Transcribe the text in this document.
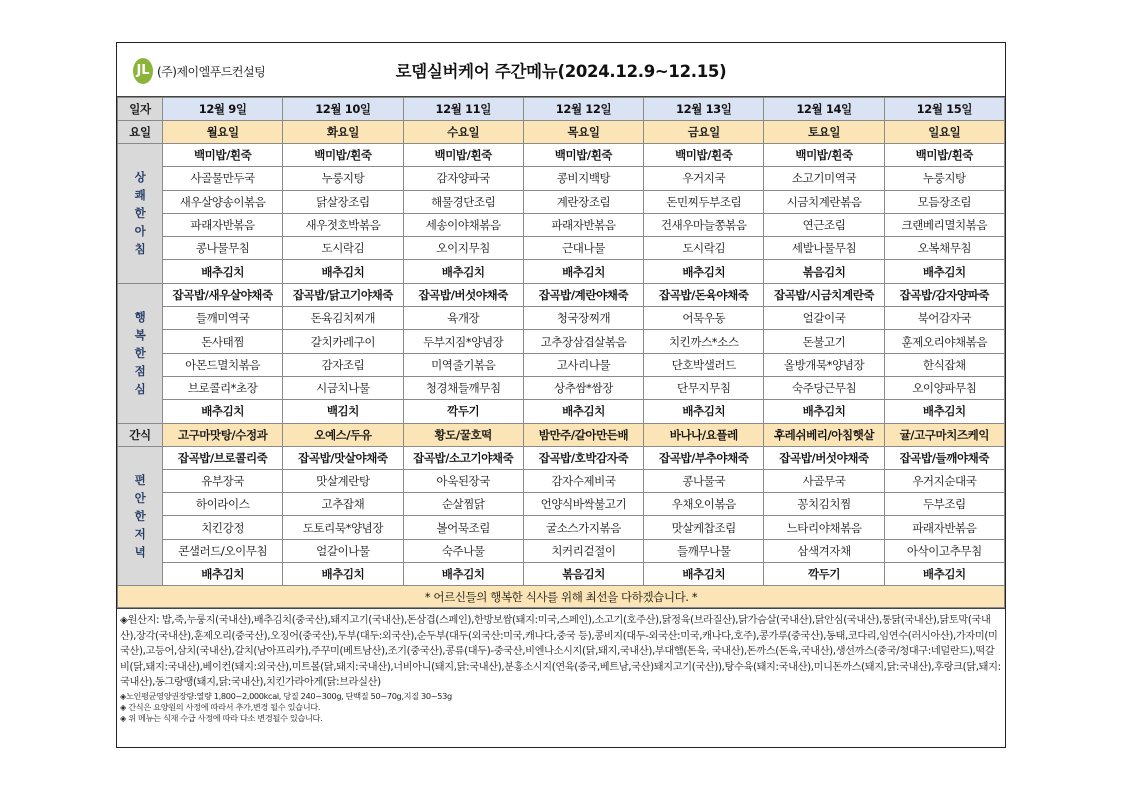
JL (주)제이엘푸드컨설팅	로뎀실버케어 주간메뉴(2024.12.9~12.15)
일자	12월 9일	12월 10일	12월 11일	12월 12일	12월 13일	12월 14일	12월 15일
요일	월요일	화요일	수요일	목요일	금요일	토요일	일요일

상
쾌
한
아
침	백미밥/흰죽	백미밥/흰죽	백미밥/흰죽	백미밥/흰죽	백미밥/흰죽	백미밥/흰죽	백미밥/흰죽
	사골물만두국	누룽지탕	감자양파국	콩비지백탕	우거지국	소고기미역국	누룽지탕
	새우살양송이볶음	닭살장조림	해물경단조림	계란장조림	돈민찌두부조림	시금치계란볶음	모듬장조림
	파래자반볶음	새우젓호박볶음	세송이야채볶음	파래자반볶음	건새우마늘쫑볶음	연근조림	크랜베리멸치볶음
	콩나물무침	도시락김	오이지무침	근대나물	도시락김	세발나물무침	오복채무침
	배추김치	배추김치	배추김치	배추김치	배추김치	볶음김치	배추김치

행
복
한
점
심	잡곡밥/새우살야채죽	잡곡밥/닭고기야채죽	잡곡밥/버섯야채죽	잡곡밥/계란야채죽	잡곡밥/돈육야채죽	잡곡밥/시금치계란죽	잡곡밥/감자양파죽
	들깨미역국	돈육김치찌개	육개장	청국장찌개	어묵우동	얼갈이국	북어감자국
	돈사태찜	갈치카레구이	두부지짐*양념장	고추장삼겹살볶음	치킨까스*소스	돈불고기	훈제오리야채볶음
	아몬드멸치볶음	감자조림	미역줄기볶음	고사리나물	단호박샐러드	올방개묵*양념장	한식잡채
	브로콜리*초장	시금치나물	청경채들깨무침	상추쌈*쌈장	단무지무침	숙주당근무침	오이양파무침
	배추김치	백김치	깍두기	배추김치	배추김치	배추김치	배추김치
간식	고구마맛탕/수정과	오예스/두유	황도/꿀호떡	밤만주/갈아만든배	바나나/요플레	후레쉬베리/아침햇살	귤/고구마치즈케익

편
안
한
저
녁	잡곡밥/브로콜리죽	잡곡밥/맛살야채죽	잡곡밥/소고기야채죽	잡곡밥/호박감자죽	잡곡밥/부추야채죽	잡곡밥/버섯야채죽	잡곡밥/들깨야채죽
	유부장국	맛살계란탕	아욱된장국	감자수제비국	콩나물국	사골무국	우거지순대국
	하이라이스	고추잡채	순살찜닭	언양식바싹불고기	우채오이볶음	꽁치김치찜	두부조림
	치킨강정	도토리묵*양념장	볼어묵조림	굴소스가지볶음	맛살케찹조림	느타리야채볶음	파래자반볶음
	콘샐러드/오이무침	얼갈이나물	숙주나물	치커리겉절이	들깨무나물	삼색겨자채	아삭이고추무침
	배추김치	배추김치	배추김치	볶음김치	배추김치	깍두기	배추김치
* 어르신들의 행복한 식사를 위해 최선을 다하겠습니다. *							
◈원산지: 밥,죽,누룽지(국내산),배추김치(중국산),돼지고기(국내산),돈삼겹(스페인),한방보쌈(돼지:미국,스페인),소고기(호주산),닭정육(브라질산),닭가슴살(국내산),닭안심(국내산),통닭(국내산),닭토막(국내산),장각(국내산),훈제오리(중국산),오징어(중국산),두부(대두:외국산),순두부(대두(외국산:미국,캐나다,중국 등),콩비지(대두-외국산:미국,캐나다,호주),콩가루(중국산),동태,코다리,임연수(러시아산),가자미(미국산),고등어,삼치(국내산),갈치(남아프리카),주꾸미(베트남산),조기(중국산),콩류(대두)-중국산,비엔나소시지(닭,돼지,국내산),부대햄(돈육, 국내산),돈까스(돈육,국내산),생선까스(중국/청대구:네덜란드),떡갈비(닭,돼지:국내산),베이컨(돼지:외국산),미트볼(닭,돼지:국내산),너비아니(돼지,닭:국내산),분홍소시지(연육(중국,베트남,국산)돼지고기(국산)),탕수육(돼지:국내산),미니돈까스(돼지,닭:국내산),후랑크(닭,돼지:국내산),동그랑땡(돼지,닭:국내산),치킨가라아게(닭:브라실산)
◈노인평균영양권장량:열량 1,800~2,000kcal, 당질 240~300g, 단백질 50~70g,지질 30~53g
◈ 간식은 요양원의 사정에 따라서 추가,변경 될수 있습니다.
◈ 위 메뉴는 식재 수급 사정에 따라 다소 변경될수 있습니다.
